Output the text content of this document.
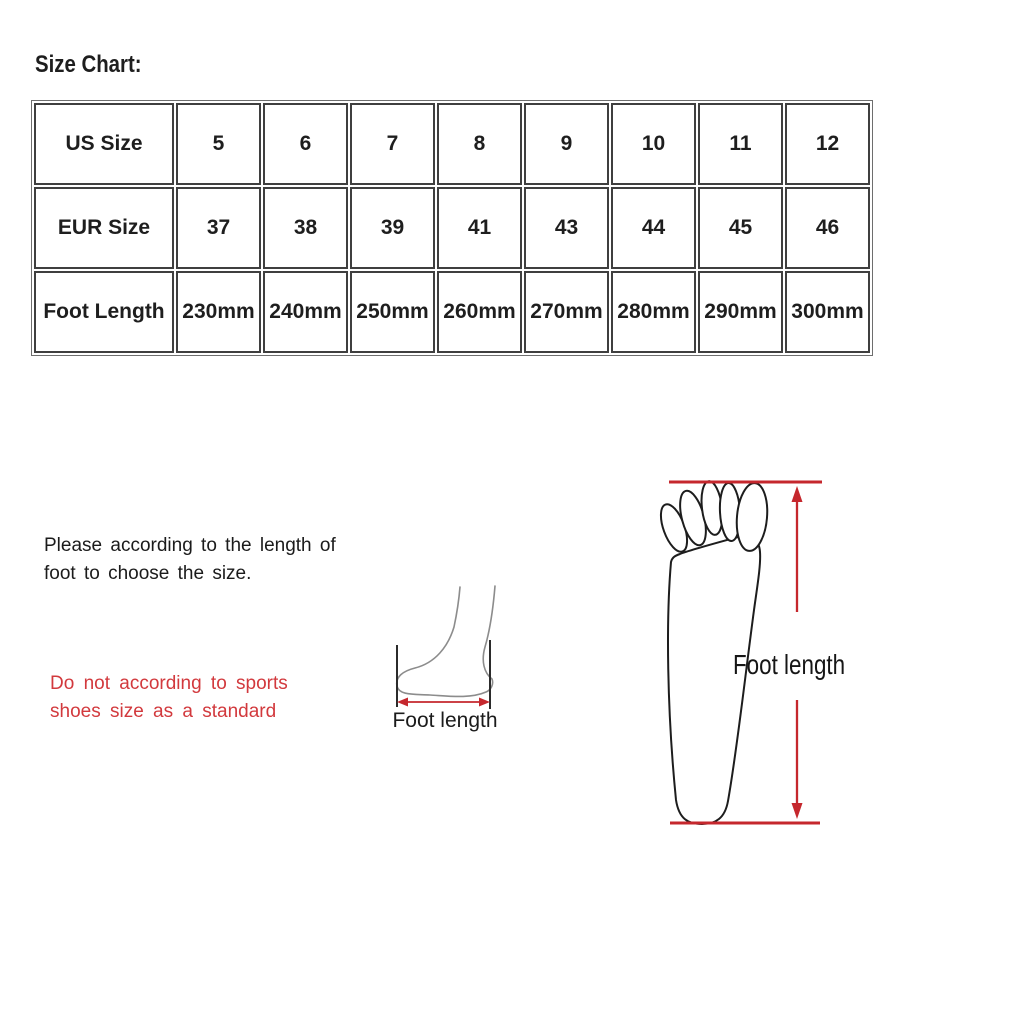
Size Chart:
US Size	5	6	7	8	9	10	11	12
EUR Size	37	38	39	41	43	44	45	46
Foot Length	230mm	240mm	250mm	260mm	270mm	280mm	290mm	300mm
Please according to the length of
foot to choose the size.
Do not according to sports
shoes size as a standard	Foot length
Foot length
